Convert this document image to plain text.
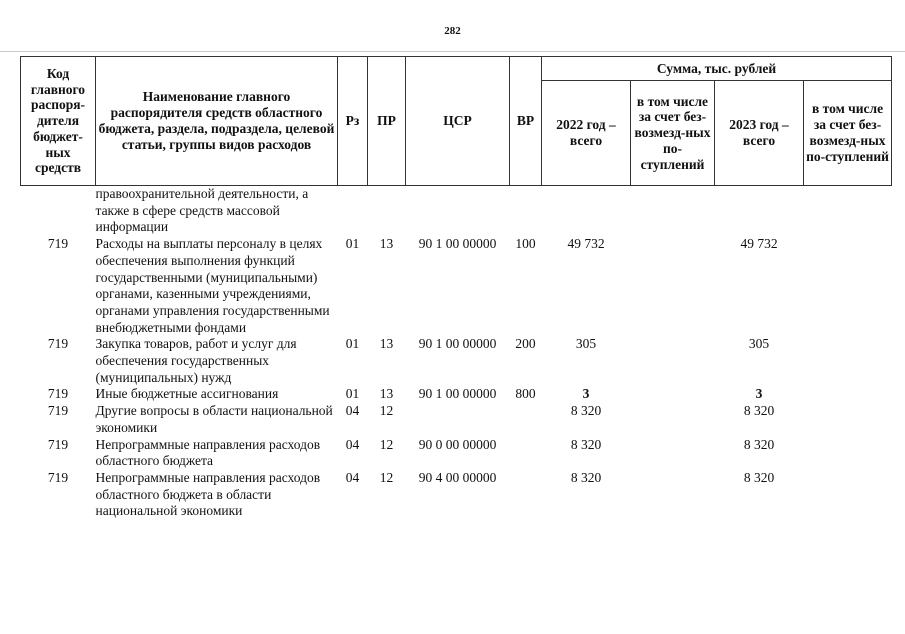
282
Код главного распоря-дителя бюджет-ных средств	Наименование главного распорядителя средств областного бюджета, раздела, подраздела, целевой статьи, группы видов расходов	Рз	ПР	ЦСР	ВР	Сумма, тыс. рублей			
						2022 год – всего	в том числе за счет без-возмезд-ных по-ступлений	2023 год – всего	в том числе за счет без-возмезд-ных по-ступлений
	правоохранительной деятельности, а также в сфере средств массовой информации								
719	Расходы на выплаты персоналу в целях обеспечения выполнения функций государственными (муниципальными) органами, казенными учреждениями, органами управления государственными внебюджетными фондами	01	13	90 1 00 00000	100	49 732		49 732	
719	Закупка товаров, работ и услуг для обеспечения государственных (муниципальных) нужд	01	13	90 1 00 00000	200	305		305	
719	Иные бюджетные ассигнования	01	13	90 1 00 00000	800	3		3	
719	Другие вопросы в области национальной экономики	04	12			8 320		8 320	
719	Непрограммные направления расходов областного бюджета	04	12	90 0 00 00000		8 320		8 320	
719	Непрограммные направления расходов областного бюджета в области национальной экономики	04	12	90 4 00 00000		8 320		8 320	
